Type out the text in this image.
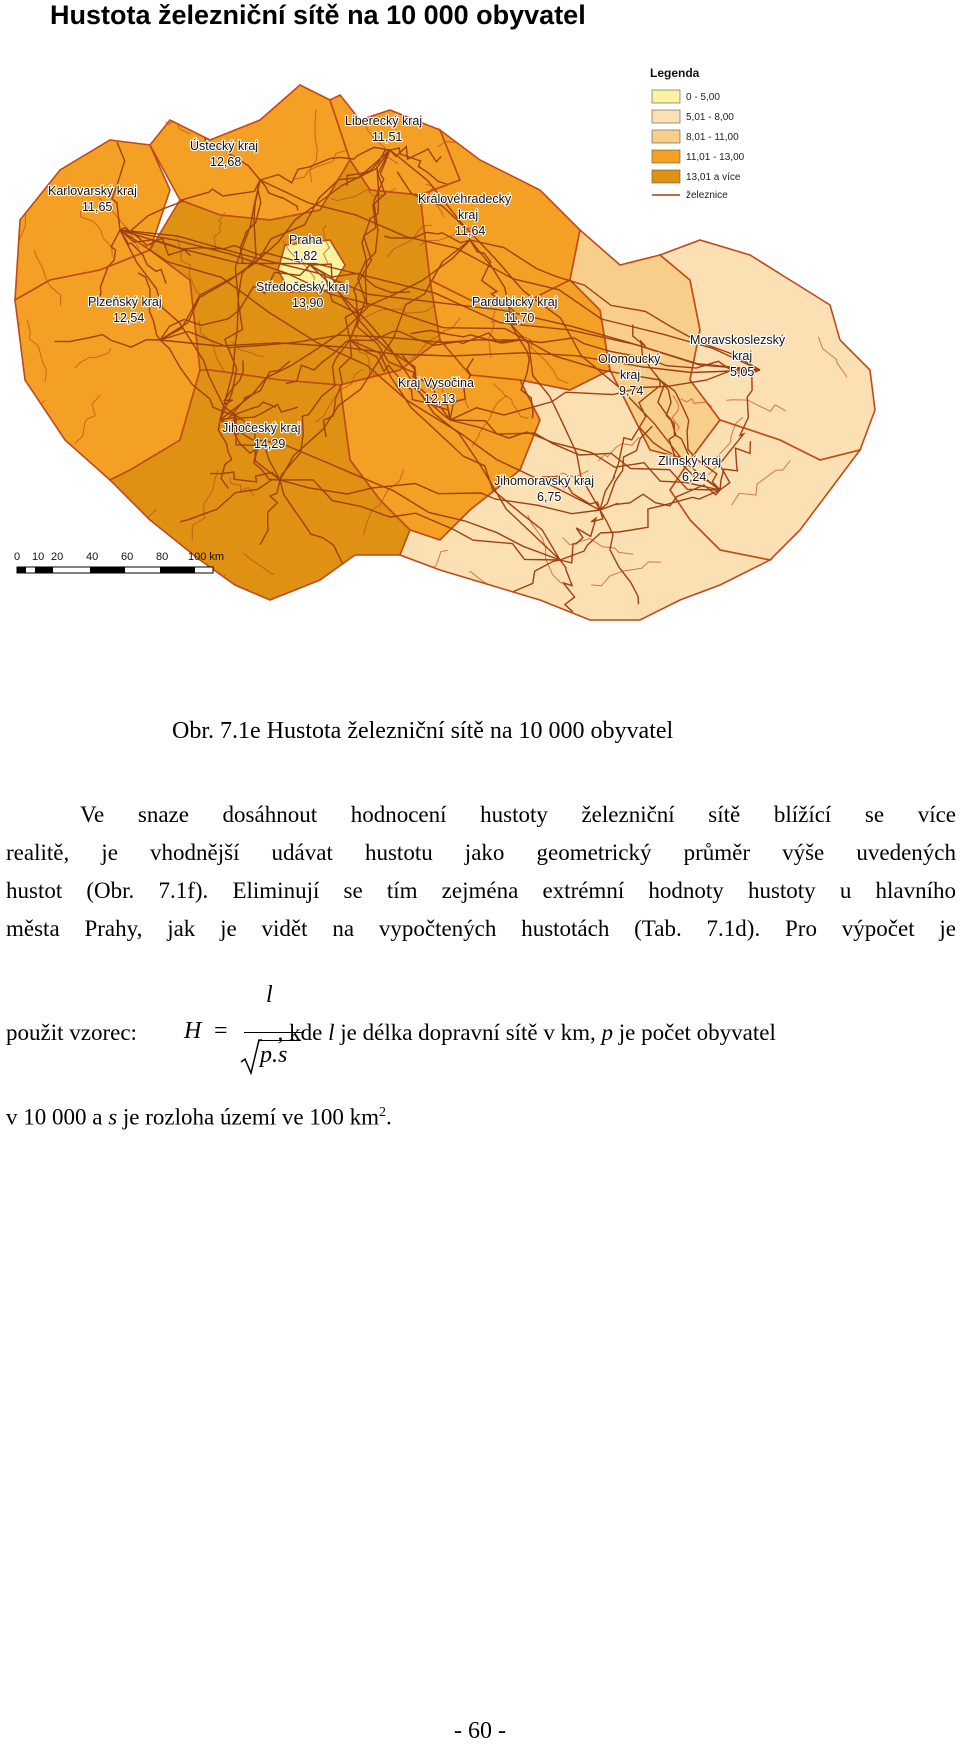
Hustota železniční sítě na 10 000 obyvatel
Liberecký kraj
11,51
Ústecký kraj
12,68
Karlovarský kraj
11,65
Královéhradecký
kraj
11,64
Praha
1,82
Středočeský kraj
13,90
Plzeňský kraj
12,54
Pardubický kraj
11,70
Moravskoslezský
kraj
5,05
Olomoucký
kraj
9,74
Kraj Vysočina
12,13
Jihočeský kraj
14,29
Zlínský kraj
6,24
Jihomoravský kraj
6,75
Legenda
0 - 5,00
5,01 - 8,00
8,01 - 11,00
11,01 - 13,00
13,01 a více
železnice
0 10 20 40 60 80 100 km
Obr. 7.1e Hustota železniční sítě na 10 000 obyvatel
Ve snaze dosáhnout hodnocení hustoty železniční sítě blížící se více
realitě, je vhodnější udávat hustotu jako geometrický průměr výše uvedených
hustot (Obr. 7.1f). Eliminují se tím zejména extrémní hodnoty hustoty u hlavního
města Prahy, jak je vidět na vypočtených hustotách (Tab. 7.1d). Pro výpočet je
použit vzorec:	, kde l je délka dopravní sítě v km, p je počet obyvatel
H =
l
p.s
v 10 000 a s je rozloha území ve 100 $km^2$.
- 60 -
